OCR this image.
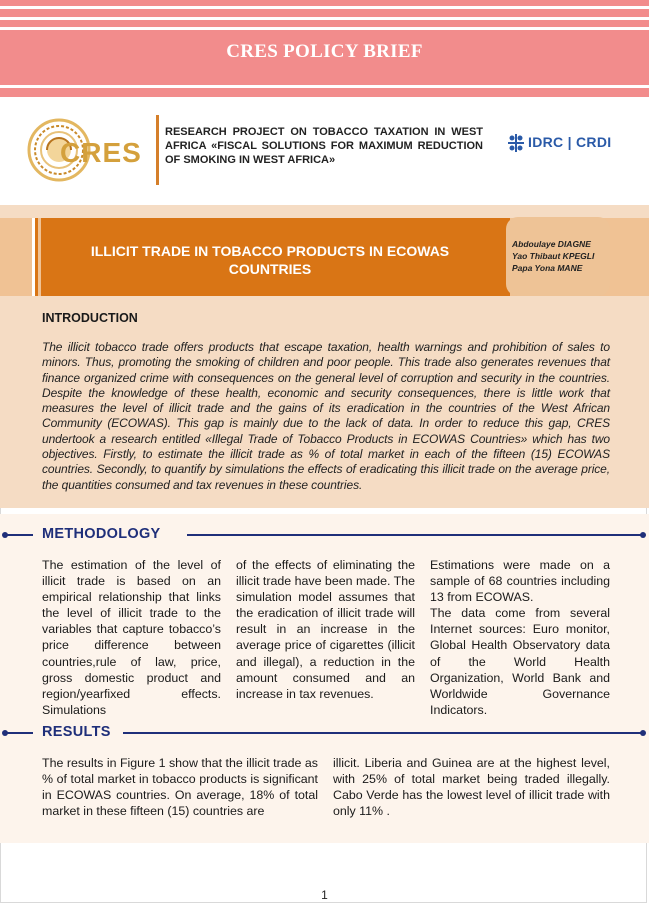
CRES POLICY BRIEF
CRES
RESEARCH PROJECT ON TOBACCO TAXATION IN WEST AFRICA «FISCAL SOLUTIONS FOR MAXIMUM REDUCTION OF SMOKING IN WEST AFRICA»
IDRC | CRDI
ILLICIT TRADE IN TOBACCO PRODUCTS IN ECOWAS COUNTRIES
Abdoulaye DIAGNE
Yao Thibaut KPEGLI
Papa Yona MANE
INTRODUCTION
The illicit tobacco trade offers products that escape taxation, health warnings and prohibition of sales to minors. Thus, promoting the smoking of children and poor people. This trade also generates revenues that finance organized crime with consequences on the general level of corruption and security in the countries. Despite the knowledge of these health, economic and security consequences, there is little work that measures the level of illicit trade and the gains of its eradication in the countries of the West African Community (ECOWAS). This gap is mainly due to the lack of data. In order to reduce this gap, CRES undertook a research entitled «Illegal Trade of Tobacco Products in ECOWAS Countries» which has two objectives. Firstly, to estimate the illicit trade as % of total market in each of the fifteen (15) ECOWAS countries. Secondly, to quantify by simulations the effects of eradicating this illicit trade on the average price, the quantities consumed and tax revenues in these countries.
METHODOLOGY
The estimation of the level of illicit trade is based on an empirical relationship that links the level of illicit trade to the variables that capture tobacco’s price difference between countries,rule of law, price, gross domestic product and region/yearfixed effects. Simulations
of the effects of eliminating the illicit trade have been made. The simulation model assumes that the eradication of illicit trade will result in an increase in the average price of cigarettes (illicit and illegal), a reduction in the amount consumed and an increase in tax revenues.

Estimations were made on a sample of 68 countries including 13 from ECOWAS.

The data come from several Internet sources: Euro monitor, Global Health Observatory data of the World Health Organization, World Bank and Worldwide Governance Indicators.

RESULTS
The results in Figure 1 show that the illicit trade as % of total market in tobacco products is significant in ECOWAS countries. On average, 18% of total market in these fifteen (15) countries are
illicit. Liberia and Guinea are at the highest level, with 25% of total market being traded illegally. Cabo Verde has the lowest level of illicit trade with only 11% .
1
